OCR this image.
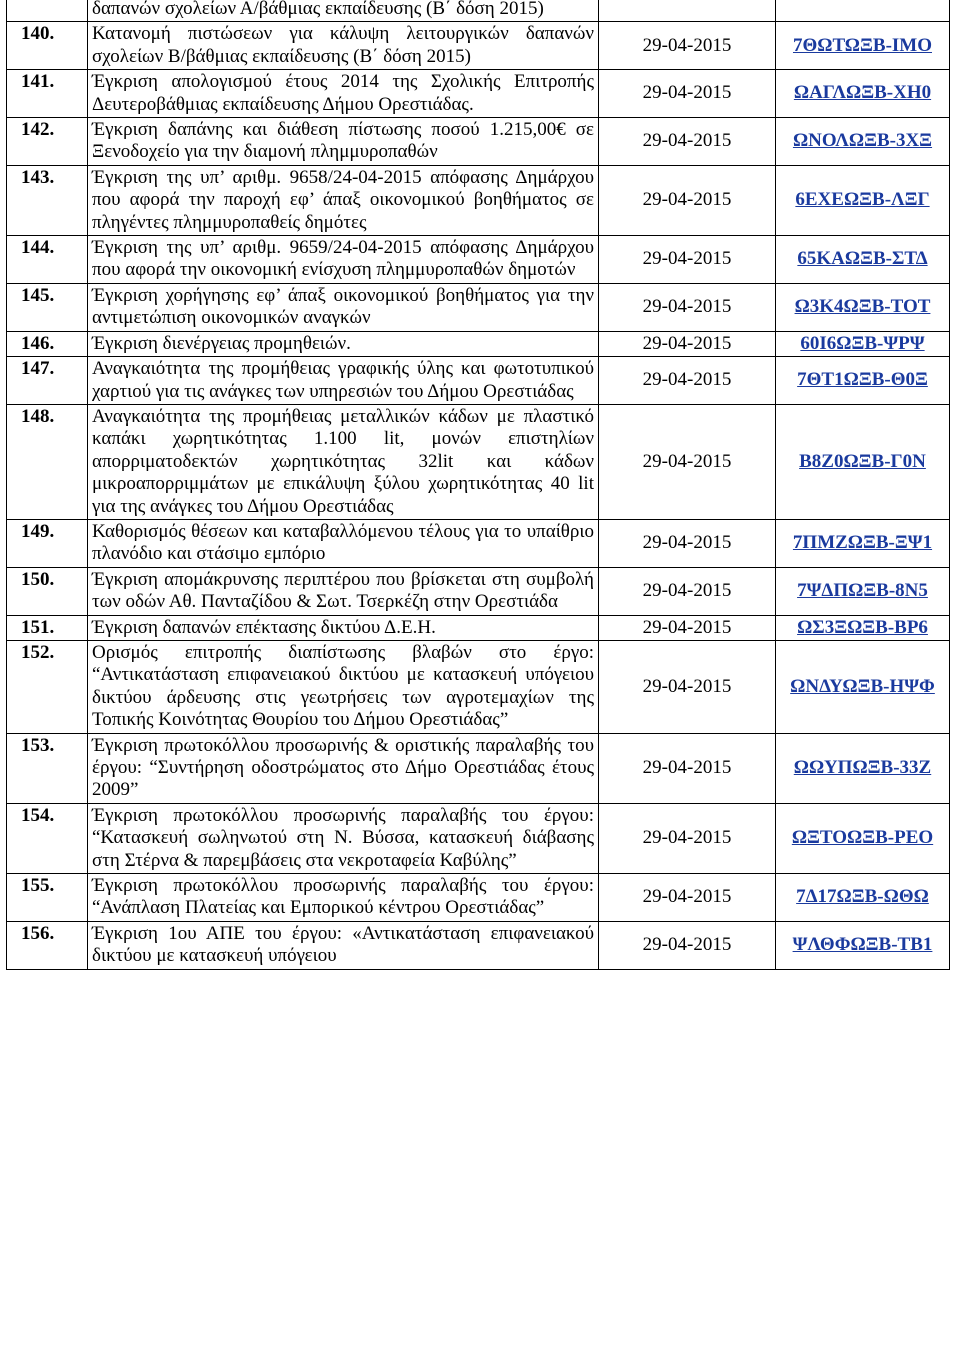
	δαπανών σχολείων Α/βάθμιας εκπαίδευσης (Β΄ δόση 2015)		
140.	Κατανομή πιστώσεων για κάλυψη λειτουργικών δαπανών σχολείων Β/βάθμιας εκπαίδευσης (Β΄ δόση 2015)	29-04-2015	7ΘΩΤΩΞΒ-ΙΜΟ
141.	Έγκριση απολογισμού έτους 2014 της Σχολικής Επιτροπής Δευτεροβάθμιας εκπαίδευσης Δήμου Ορεστιάδας.	29-04-2015	ΩΑΓΛΩΞΒ-ΧΗ0
142.	Έγκριση δαπάνης και διάθεση πίστωσης ποσού 1.215,00€ σε Ξενοδοχείο για την διαμονή πλημμυροπαθών	29-04-2015	ΩΝΟΛΩΞΒ-3ΧΞ
143.	Έγκριση της υπ’ αριθμ. 9658/24-04-2015 απόφασης Δημάρχου που αφορά την παροχή εφ’ άπαξ οικονομικού βοηθήματος σε πληγέντες πλημμυροπαθείς δημότες	29-04-2015	6ΕΧΕΩΞΒ-ΛΞΓ
144.	Έγκριση της υπ’ αριθμ. 9659/24-04-2015 απόφασης Δημάρχου που αφορά την οικονομική ενίσχυση πλημμυροπαθών δημοτών	29-04-2015	65ΚΑΩΞΒ-ΣΤΔ
145.	Έγκριση χορήγησης εφ’ άπαξ οικονομικού βοηθήματος για την αντιμετώπιση οικονομικών αναγκών	29-04-2015	Ω3Κ4ΩΞΒ-ΤΟΤ
146.	Έγκριση διενέργειας προμηθειών.	29-04-2015	60Ι6ΩΞΒ-ΨΡΨ
147.	Αναγκαιότητα της προμήθειας γραφικής ύλης και φωτοτυπικού χαρτιού για τις ανάγκες των υπηρεσιών του Δήμου Ορεστιάδας	29-04-2015	7ΘΤ1ΩΞΒ-Θ0Ξ
148.	Αναγκαιότητα της προμήθειας μεταλλικών κάδων με πλαστικό καπάκι χωρητικότητας 1.100 lit, μονών επιστηλίων απορριματοδεκτών χωρητικότητας 32lit και κάδων μικροαπορριμμάτων με επικάλυψη ξύλου χωρητικότητας 40 lit για της ανάγκες του Δήμου Ορεστιάδας	29-04-2015	Β8Ζ0ΩΞΒ-Γ0Ν
149.	Καθορισμός θέσεων και καταβαλλόμενου τέλους για το υπαίθριο πλανόδιο και στάσιμο εμπόριο	29-04-2015	7ΠΜΖΩΞΒ-ΞΨ1
150.	Έγκριση απομάκρυνσης περιπτέρου που βρίσκεται στη συμβολή των οδών Αθ. Πανταζίδου & Σωτ. Τσερκέζη στην Ορεστιάδα	29-04-2015	7ΨΔΠΩΞΒ-8Ν5
151.	Έγκριση δαπανών επέκτασης δικτύου Δ.Ε.Η.	29-04-2015	ΩΣ3ΞΩΞΒ-ΒΡ6
152.	Ορισμός επιτροπής διαπίστωσης βλαβών στο έργο: “Αντικατάσταση επιφανειακού δικτύου με κατασκευή υπόγειου δικτύου άρδευσης στις γεωτρήσεις των αγροτεμαχίων της Τοπικής Κοινότητας Θουρίου του Δήμου Ορεστιάδας”	29-04-2015	ΩΝΔΥΩΞΒ-ΗΨΦ
153.	Έγκριση πρωτοκόλλου προσωρινής & οριστικής παραλαβής του έργου: “Συντήρηση οδοστρώματος στο Δήμο Ορεστιάδας έτους 2009”	29-04-2015	ΩΩΥΠΩΞΒ-33Ζ
154.	Έγκριση πρωτοκόλλου προσωρινής παραλαβής του έργου: “Κατασκευή σωληνωτού στη Ν. Βύσσα, κατασκευή διάβασης στη Στέρνα & παρεμβάσεις στα νεκροταφεία Καβύλης”	29-04-2015	ΩΞΤΟΩΞΒ-ΡΕΟ
155.	Έγκριση πρωτοκόλλου προσωρινής παραλαβής του έργου: “Ανάπλαση Πλατείας και Εμπορικού κέντρου Ορεστιάδας”	29-04-2015	7Δ17ΩΞΒ-ΩΘΩ
156.	Έγκριση 1ου ΑΠΕ του έργου: «Αντικατάσταση επιφανειακού δικτύου με κατασκευή υπόγειου	29-04-2015	ΨΛΘΦΩΞΒ-ΤΒ1
